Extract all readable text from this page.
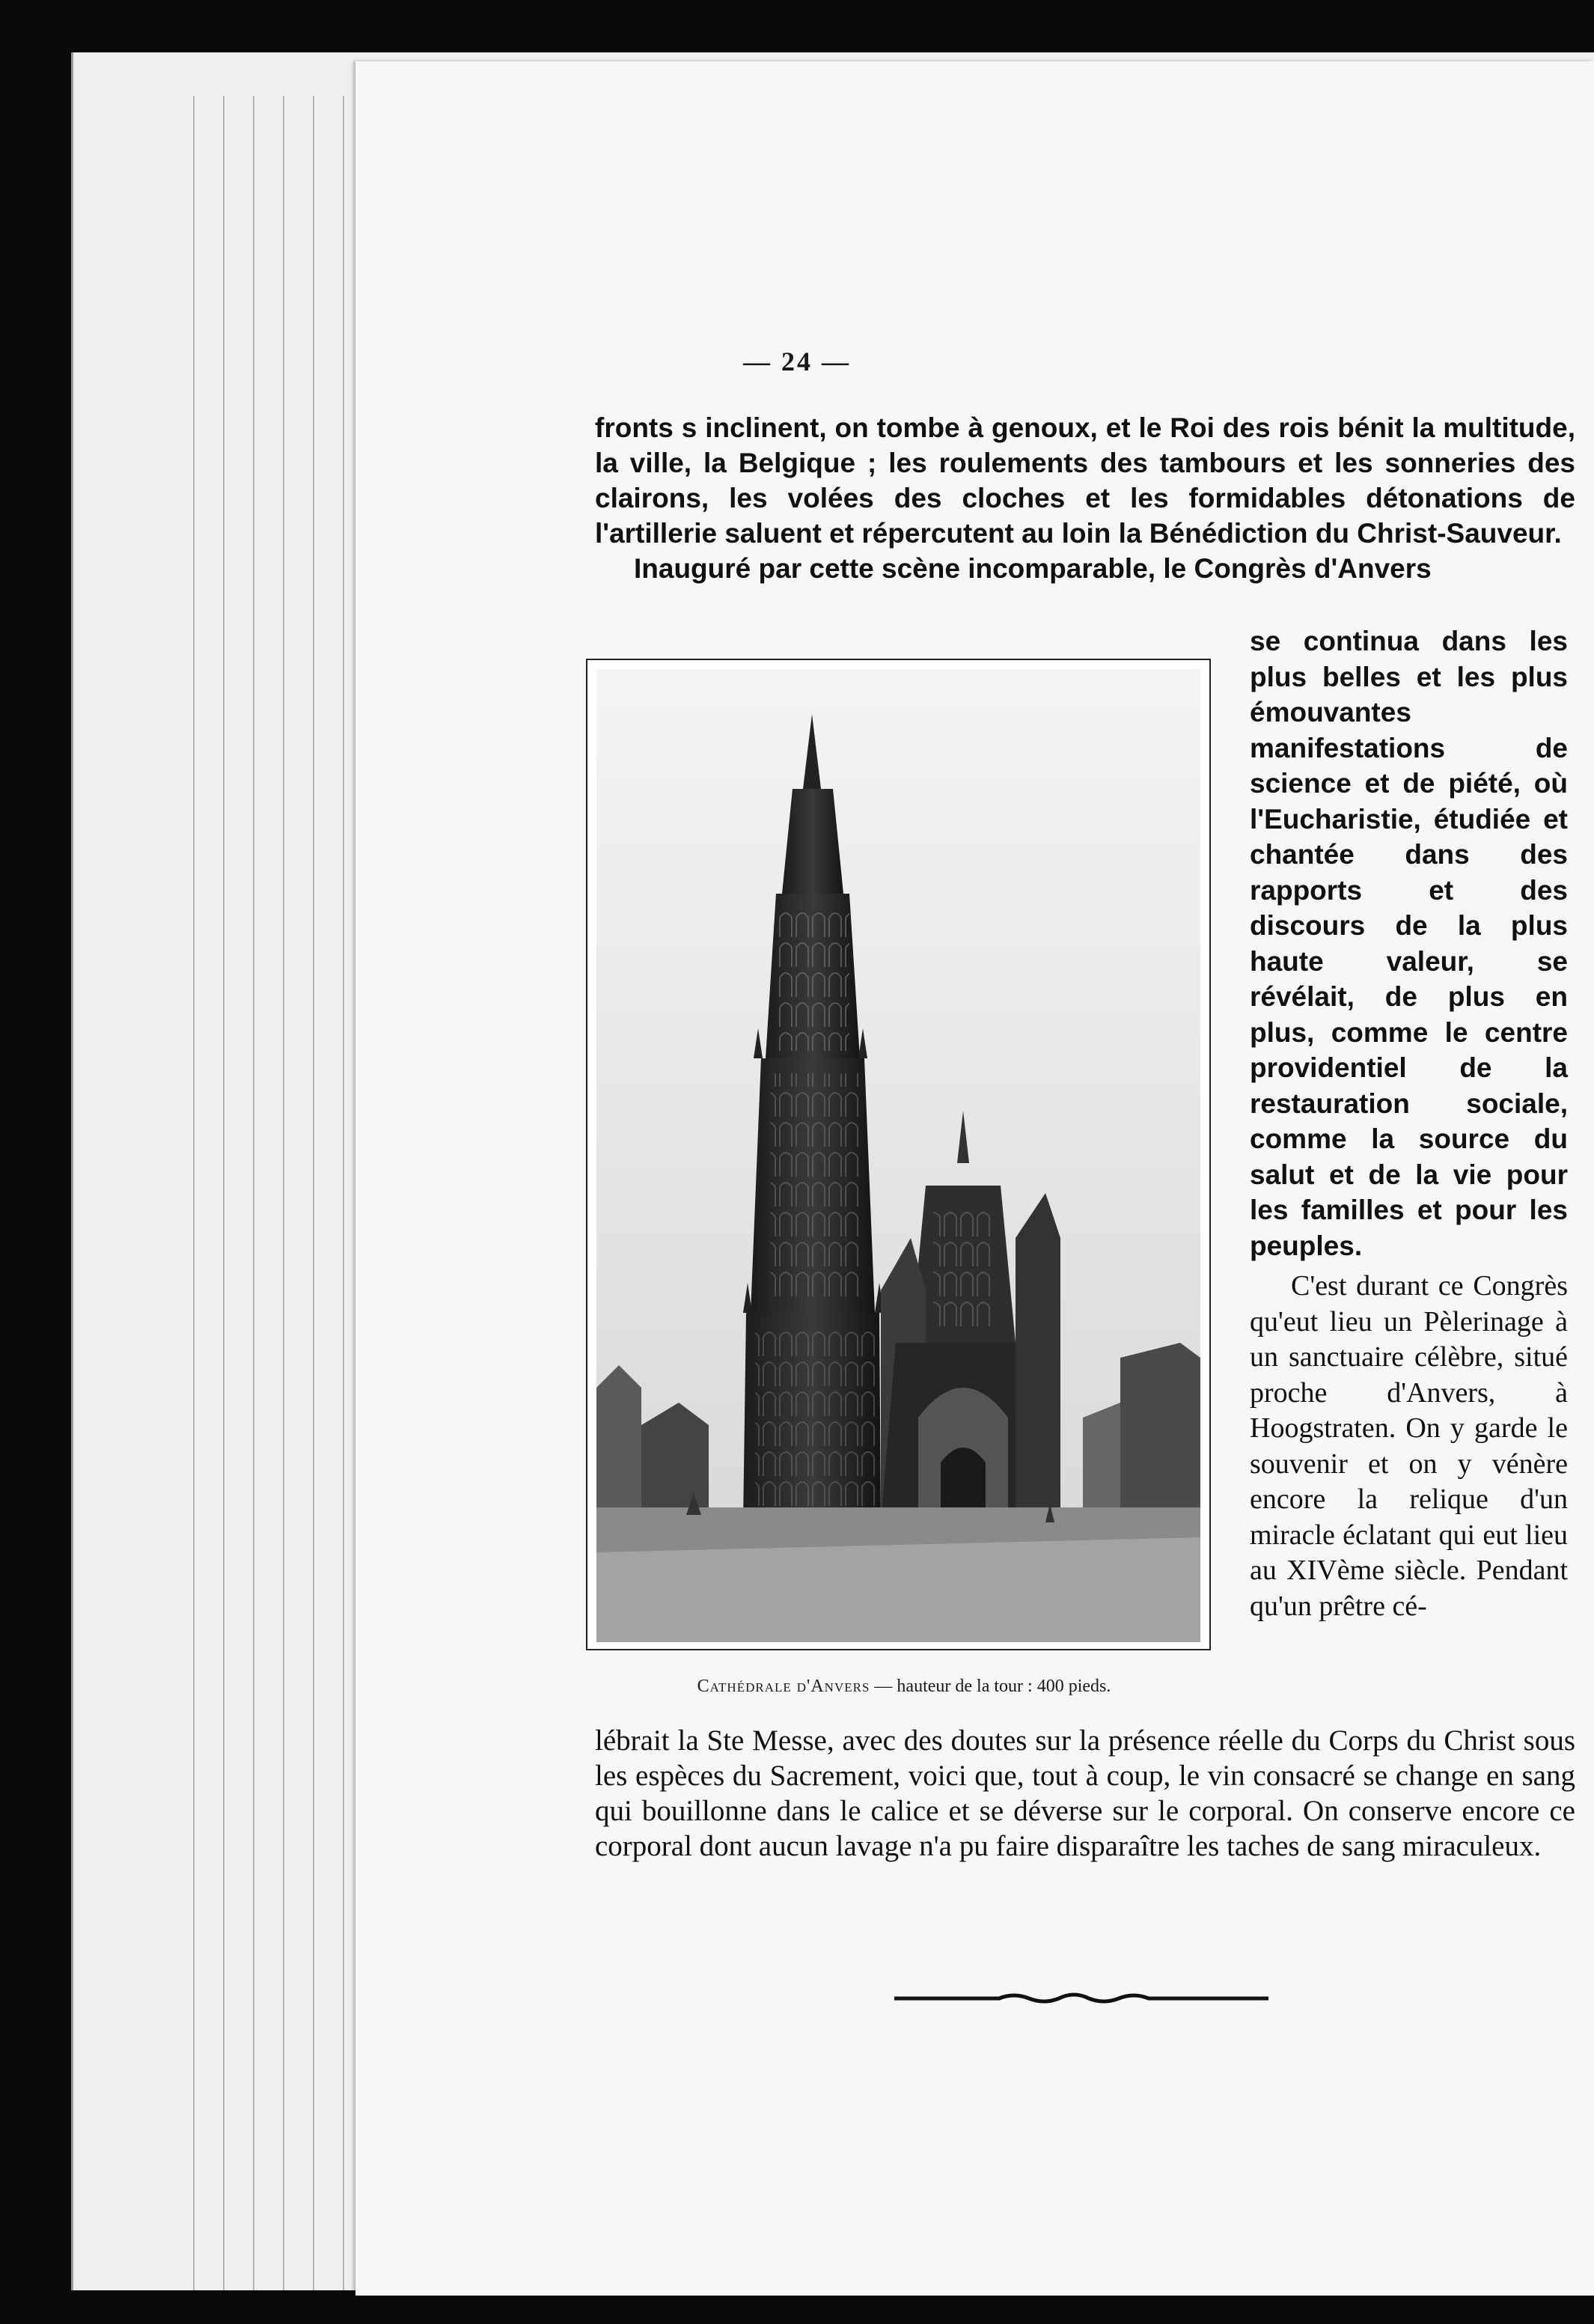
— 24 —

fronts s inclinent, on tombe à genoux, et le Roi des rois bénit la multitude, la ville, la Belgique ; les roulements des tambours et les sonneries des clairons, les volées des cloches et les formidables détonations de l'artillerie saluent et répercutent au loin la Bénédiction du Christ-Sauveur.
Inauguré par cette scène incomparable, le Congrès d'Anvers

Cathédrale d'Anvers — hauteur de la tour : 400 pieds.

se continua dans les plus belles et les plus émouvantes manifestations de science et de piété, où l'Eucharistie, étudiée et chantée dans des rapports et des discours de la plus haute valeur, se révélait, de plus en plus, comme le centre providentiel de la restauration sociale, comme la source du salut et de la vie pour les familles et pour les peuples.

C'est durant ce Congrès qu'eut lieu un Pèlerinage à un sanctuaire célèbre, situé proche d'Anvers, à Hoogstraten. On y garde le souvenir et on y vénère encore la relique d'un miracle éclatant qui eut lieu au XIVème siècle. Pendant qu'un prêtre cé-

lébrait la Ste Messe, avec des doutes sur la présence réelle du Corps du Christ sous les espèces du Sacrement, voici que, tout à coup, le vin consacré se change en sang qui bouillonne dans le calice et se déverse sur le corporal. On conserve encore ce corporal dont aucun lavage n'a pu faire disparaître les taches de sang miraculeux.
